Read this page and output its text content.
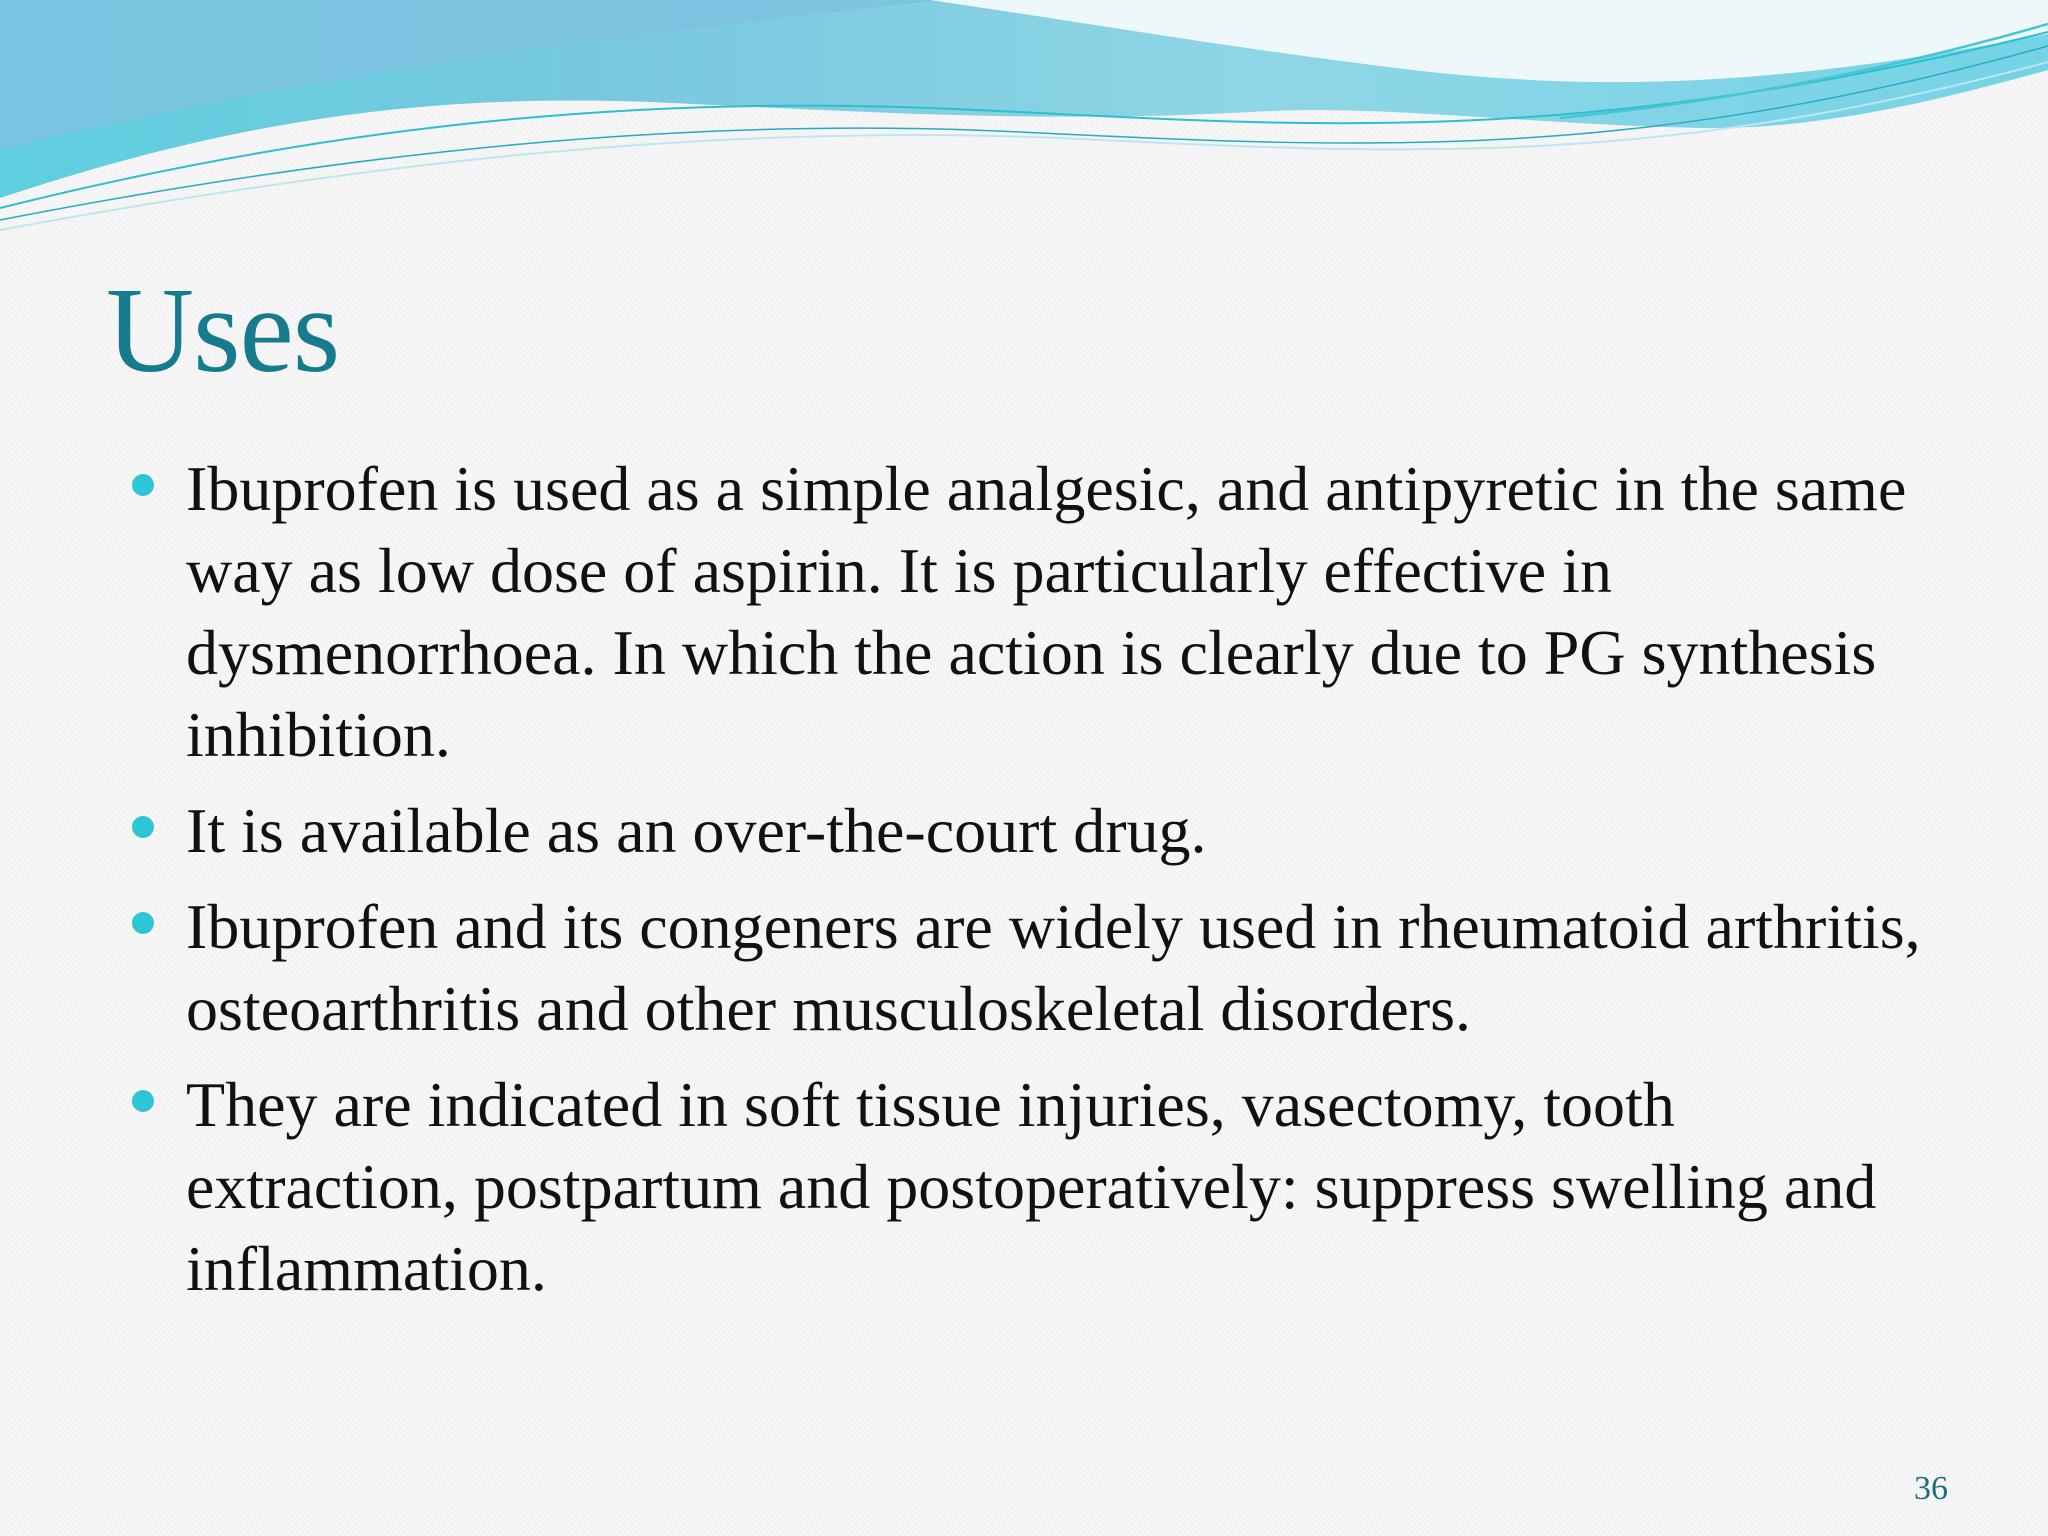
Uses
Ibuprofen is used as a simple analgesic, and antipyretic in the same way as low dose of aspirin. It is particularly effective in dysmenorrhoea. In which the action is clearly due to PG synthesis inhibition.
It is available as an over-the-court drug.
Ibuprofen and its congeners are widely used in rheumatoid arthritis, osteoarthritis and other musculoskeletal disorders.
They are indicated in soft tissue injuries, vasectomy, tooth extraction, postpartum and postoperatively: suppress swelling and inflammation.
36
